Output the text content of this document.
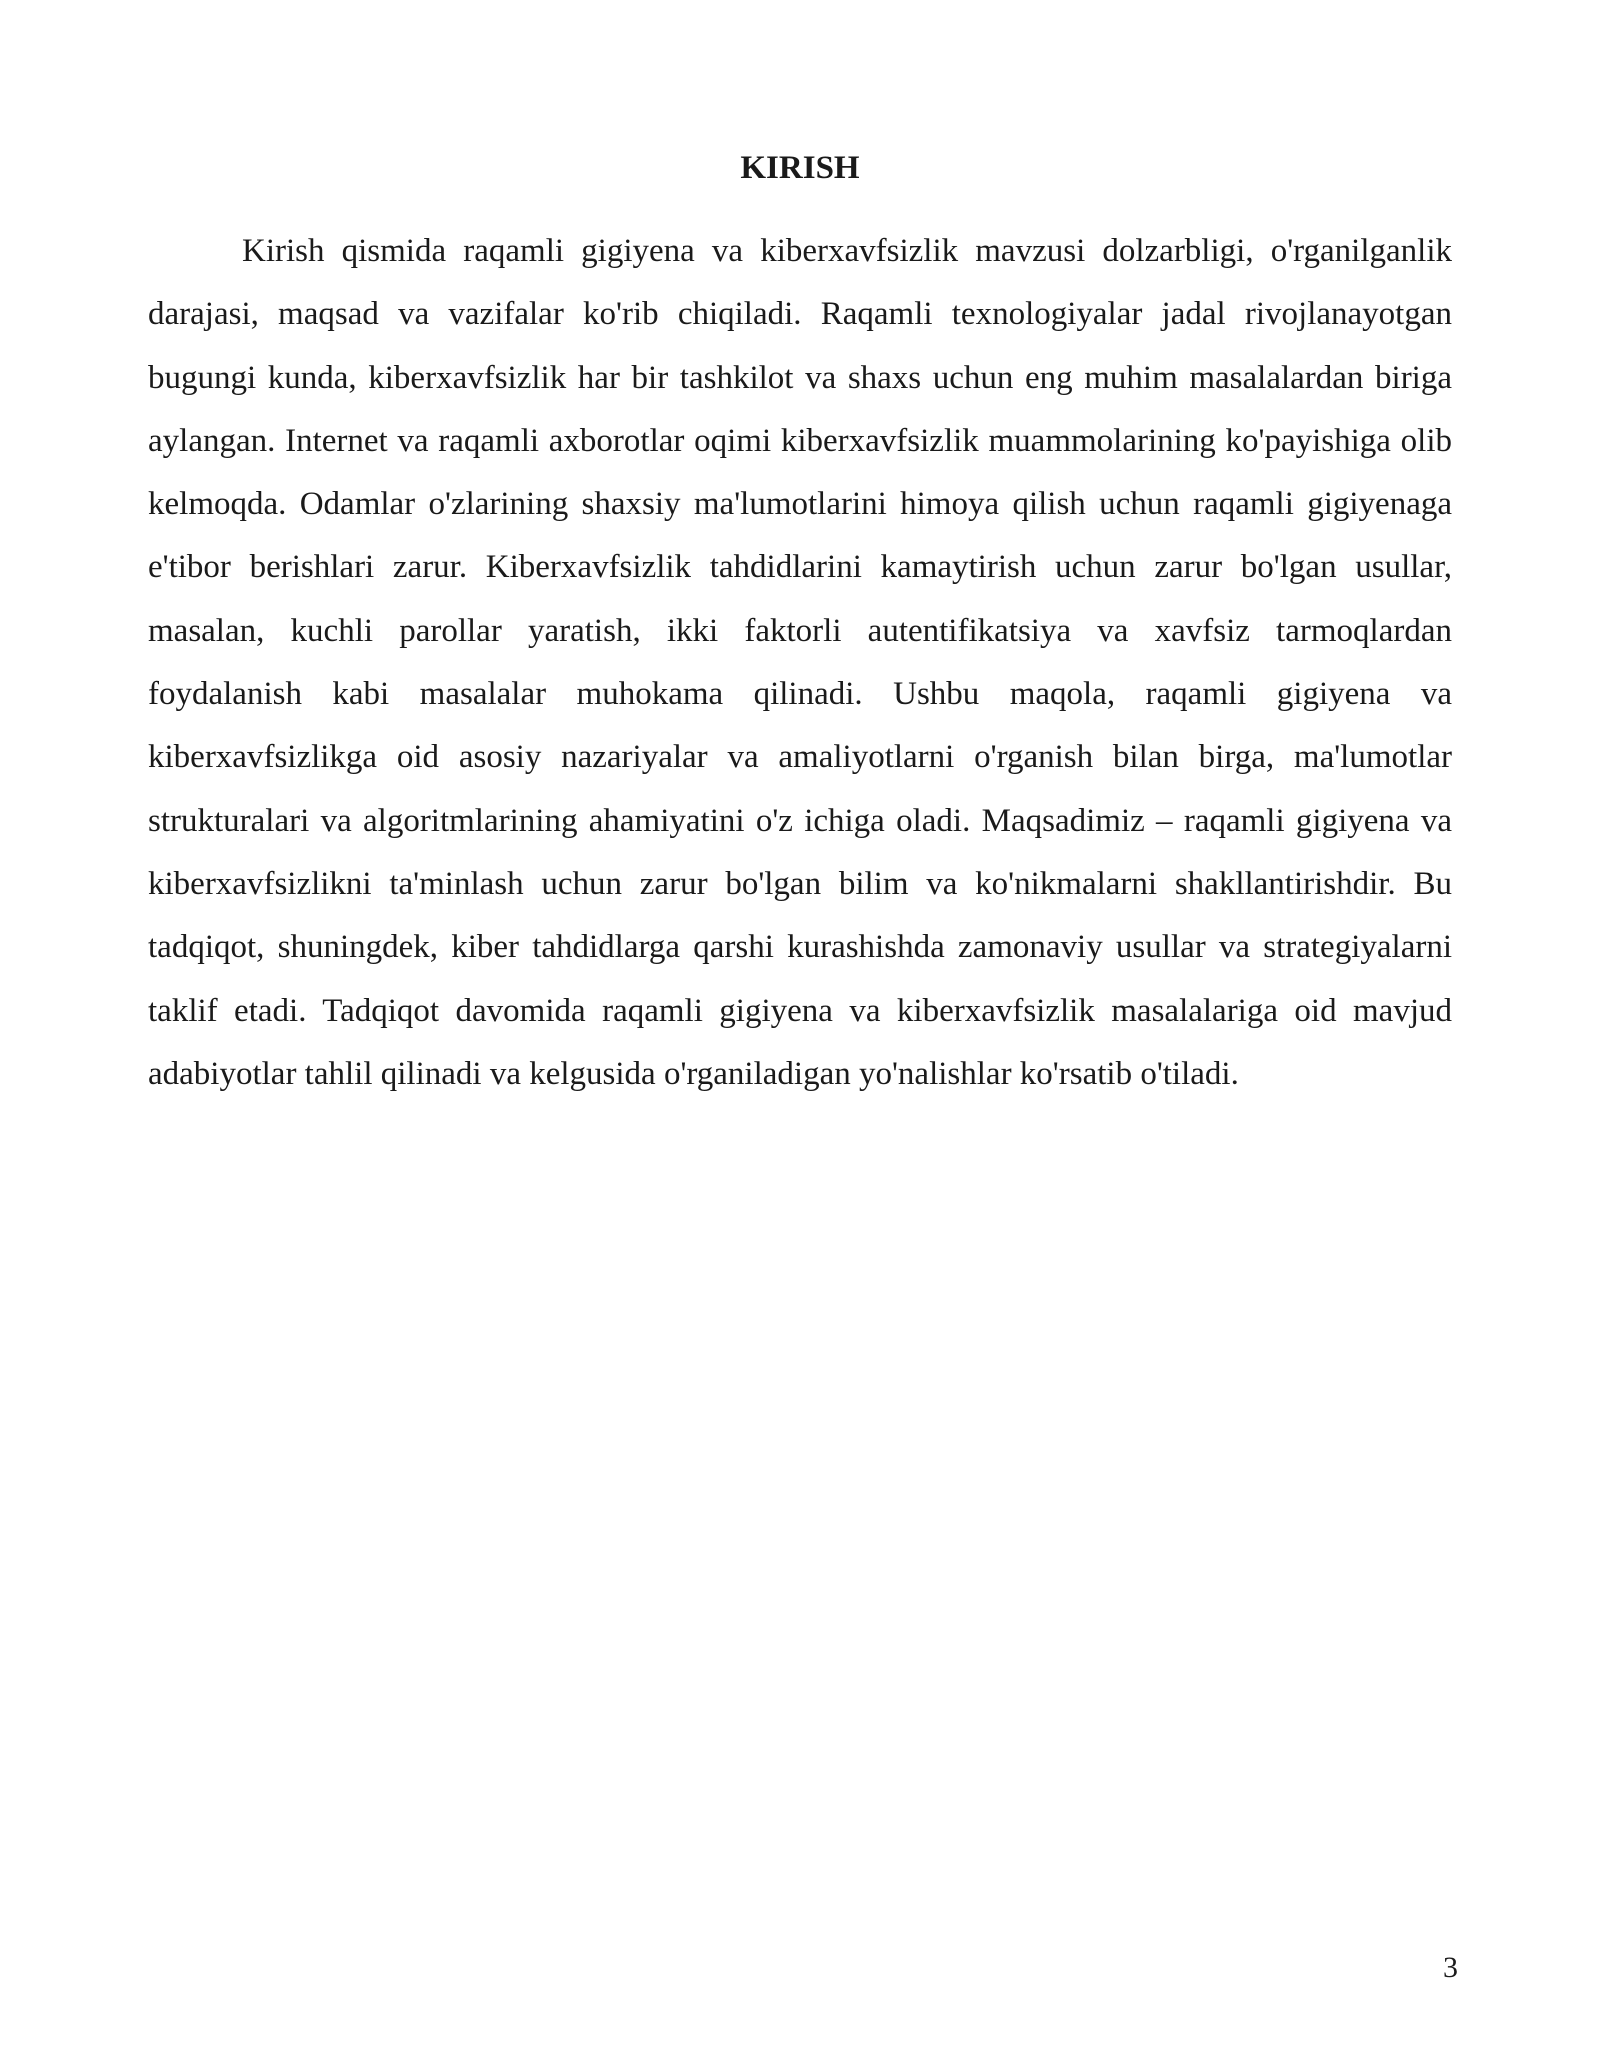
KIRISH

Kirish qismida raqamli gigiyena va kiberxavfsizlik mavzusi dolzarbligi, o'rganilganlik darajasi, maqsad va vazifalar ko'rib chiqiladi. Raqamli texnologiyalar jadal rivojlanayotgan bugungi kunda, kiberxavfsizlik har bir tashkilot va shaxs uchun eng muhim masalalardan biriga aylangan. Internet va raqamli axborotlar oqimi kiberxavfsizlik muammolarining ko'payishiga olib kelmoqda. Odamlar o'zlarining shaxsiy ma'lumotlarini himoya qilish uchun raqamli gigiyenaga e'tibor berishlari zarur. Kiberxavfsizlik tahdidlarini kamaytirish uchun zarur bo'lgan usullar, masalan, kuchli parollar yaratish, ikki faktorli autentifikatsiya va xavfsiz tarmoqlardan foydalanish kabi masalalar muhokama qilinadi. Ushbu maqola, raqamli gigiyena va kiberxavfsizlikga oid asosiy nazariyalar va amaliyotlarni o'rganish bilan birga, ma'lumotlar strukturalari va algoritmlarining ahamiyatini o'z ichiga oladi. Maqsadimiz – raqamli gigiyena va kiberxavfsizlikni ta'minlash uchun zarur bo'lgan bilim va ko'nikmalarni shakllantirishdir. Bu tadqiqot, shuningdek, kiber tahdidlarga qarshi kurashishda zamonaviy usullar va strategiyalarni taklif etadi. Tadqiqot davomida raqamli gigiyena va kiberxavfsizlik masalalariga oid mavjud adabiyotlar tahlil qilinadi va kelgusida o'rganiladigan yo'nalishlar ko'rsatib o'tiladi.

3
